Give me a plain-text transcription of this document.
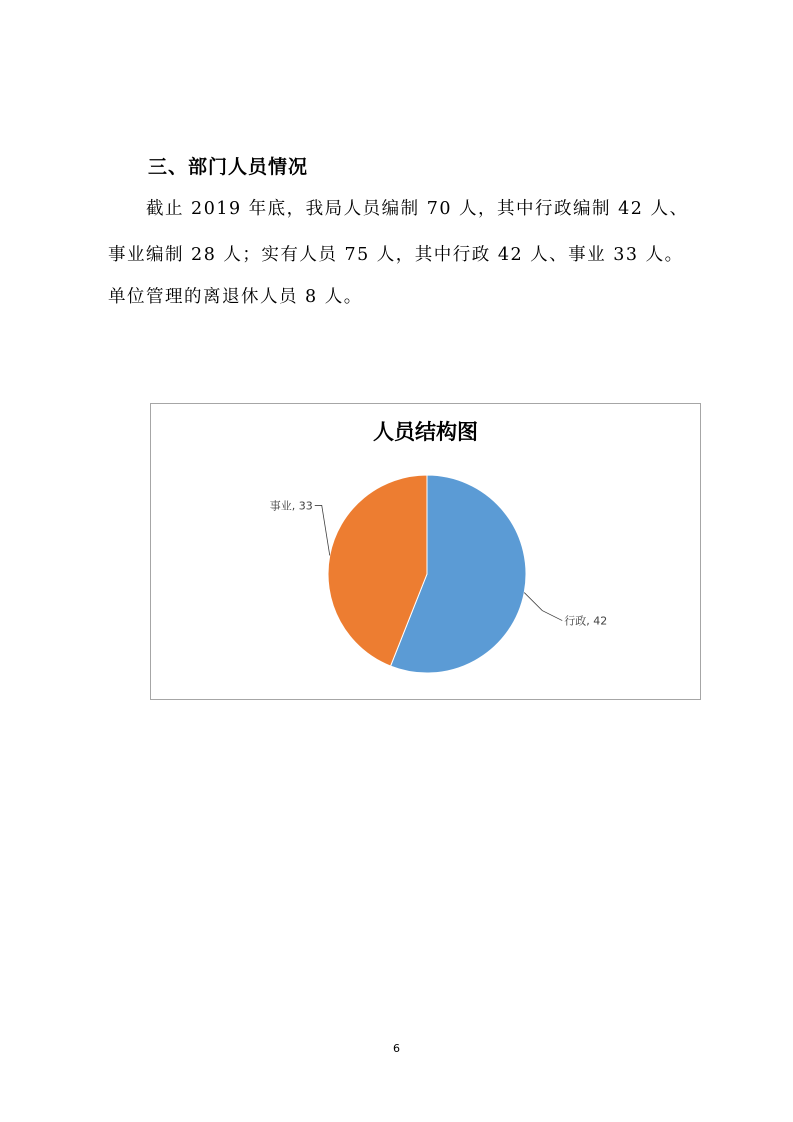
三、部门人员情况
　　截止 2019 年底，我局人员编制 70 人，其中行政编制 42 人、
事业编制 28 人；实有人员 75 人，其中行政 42 人、事业 33 人。
单位管理的离退休人员 8 人。
人员结构图
行政, 42
事业, 33
6
